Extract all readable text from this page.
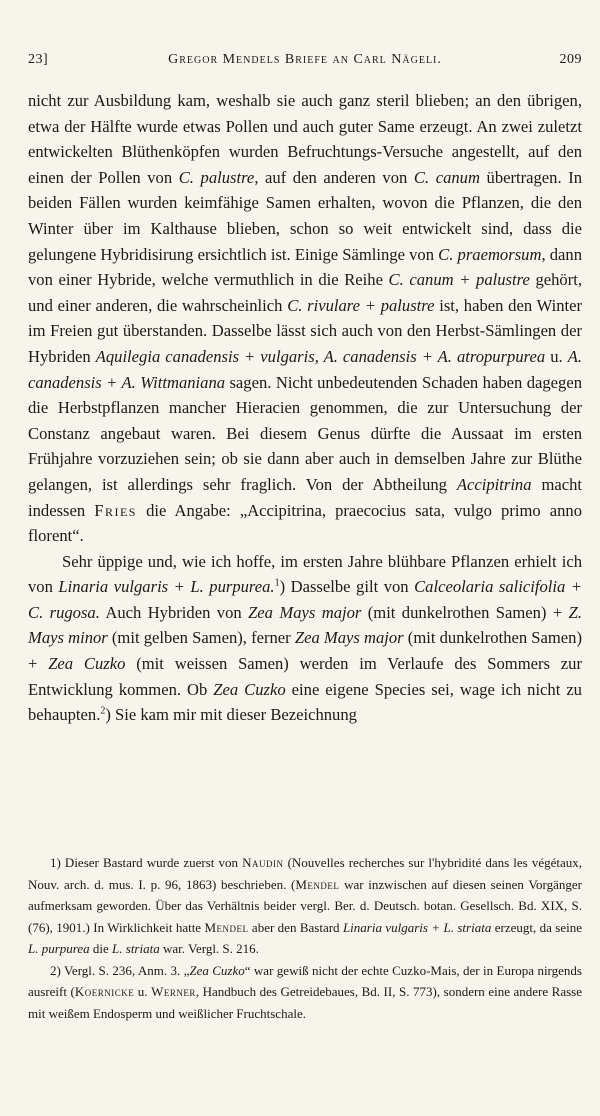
23]	Gregor Mendels Briefe an Carl Nägeli.	209

nicht zur Ausbildung kam, weshalb sie auch ganz steril blieben; an den übrigen, etwa der Hälfte wurde etwas Pollen und auch guter Same erzeugt. An zwei zuletzt entwickelten Blüthenköpfen wurden Befruchtungs-Versuche angestellt, auf den einen der Pollen von C. palustre, auf den anderen von C. canum übertragen. In beiden Fällen wurden keimfähige Samen erhalten, wovon die Pflanzen, die den Winter über im Kalthause blieben, schon so weit entwickelt sind, dass die gelungene Hybridisirung ersichtlich ist. Einige Sämlinge von C. praemorsum, dann von einer Hybride, welche vermuthlich in die Reihe C. canum + palustre gehört, und einer anderen, die wahrscheinlich C. rivulare + palustre ist, haben den Winter im Freien gut überstanden. Dasselbe lässt sich auch von den Herbst-Sämlingen der Hybriden Aquilegia canadensis + vulgaris, A. canadensis + A. atropurpurea u. A. canadensis + A. Wittmaniana sagen. Nicht unbedeutenden Schaden haben dagegen die Herbstpflanzen mancher Hieracien genommen, die zur Untersuchung der Constanz angebaut waren. Bei diesem Genus dürfte die Aussaat im ersten Frühjahre vorzuziehen sein; ob sie dann aber auch in demselben Jahre zur Blüthe gelangen, ist allerdings sehr fraglich. Von der Abtheilung Accipitrina macht indessen Fries die Angabe: „Accipitrina, praecocius sata, vulgo primo anno florent“.

Sehr üppige und, wie ich hoffe, im ersten Jahre blühbare Pflanzen erhielt ich von Linaria vulgaris + L. purpurea.$^1$) Dasselbe gilt von Calceolaria salicifolia + C. rugosa. Auch Hybriden von Zea Mays major (mit dunkelrothen Samen) + Z. Mays minor (mit gelben Samen), ferner Zea Mays major (mit dunkelrothen Samen) + Zea Cuzko (mit weissen Samen) werden im Verlaufe des Sommers zur Entwicklung kommen. Ob Zea Cuzko eine eigene Species sei, wage ich nicht zu behaupten.$^2$) Sie kam mir mit dieser Bezeichnung

1) Dieser Bastard wurde zuerst von Naudin (Nouvelles recherches sur l'hybridité dans les végétaux, Nouv. arch. d. mus. I. p. 96, 1863) beschrieben. (Mendel war inzwischen auf diesen seinen Vorgänger aufmerksam geworden. Über das Verhältnis beider vergl. Ber. d. Deutsch. botan. Gesellsch. Bd. XIX, S. (76), 1901.) In Wirklichkeit hatte Mendel aber den Bastard Linaria vulgaris + L. striata erzeugt, da seine L. purpurea die L. striata war. Vergl. S. 216.

2) Vergl. S. 236, Anm. 3. „Zea Cuzko“ war gewiß nicht der echte Cuzko-Mais, der in Europa nirgends ausreift (Koernicke u. Werner, Handbuch des Getreidebaues, Bd. II, S. 773), sondern eine andere Rasse mit weißem Endosperm und weißlicher Fruchtschale.
